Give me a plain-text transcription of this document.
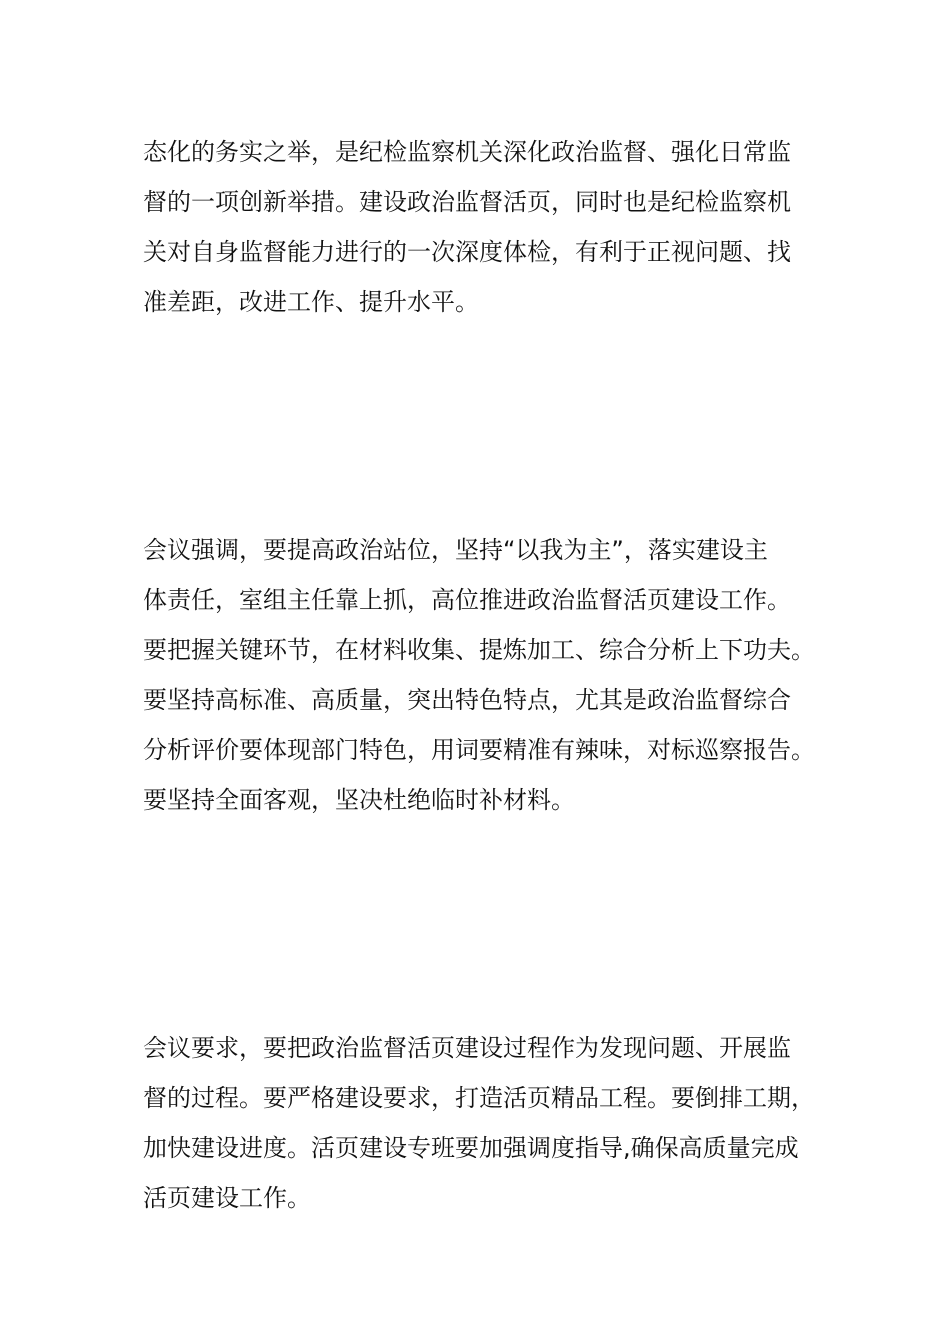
态化的务实之举，是纪检监察机关深化政治监督、强化日常监
督的一项创新举措。建设政治监督活页，同时也是纪检监察机
关对自身监督能力进行的一次深度体检，有利于正视问题、找
准差距，改进工作、提升水平。

会议强调，要提高政治站位，坚持“以我为主”，落实建设主
体责任，室组主任靠上抓，高位推进政治监督活页建设工作。
要把握关键环节，在材料收集、提炼加工、综合分析上下功夫。
要坚持高标准、高质量，突出特色特点，尤其是政治监督综合
分析评价要体现部门特色，用词要精准有辣味，对标巡察报告。
要坚持全面客观，坚决杜绝临时补材料。

会议要求，要把政治监督活页建设过程作为发现问题、开展监
督的过程。要严格建设要求，打造活页精品工程。要倒排工期，
加快建设进度。活页建设专班要加强调度指导,确保高质量完成
活页建设工作。
